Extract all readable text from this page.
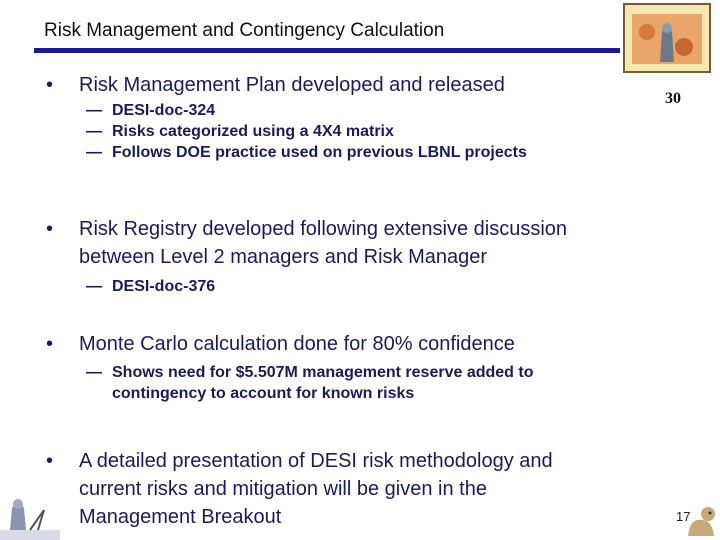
Risk Management and Contingency Calculation
30
• Risk Management Plan developed and released
— DESI-doc-324
— Risks categorized using a 4X4 matrix
— Follows DOE practice used on previous LBNL projects
• Risk Registry developed following extensive discussion
between Level 2 managers and Risk Manager
— DESI-doc-376
• Monte Carlo calculation done for 80% confidence
— Shows need for $5.507M management reserve added to
contingency to account for known risks
• A detailed presentation of DESI risk methodology and
current risks and mitigation will be given in the
Management Breakout	17
